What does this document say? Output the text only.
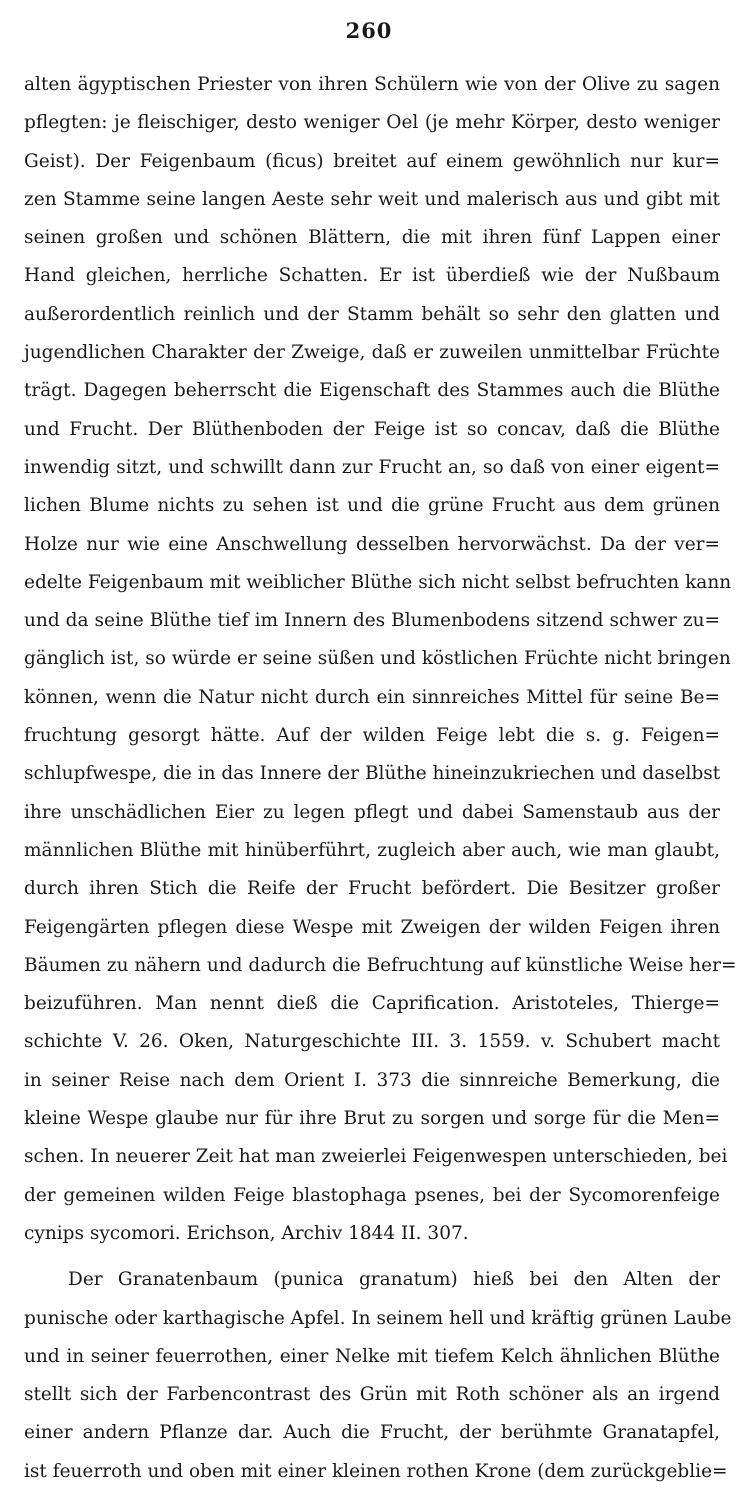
260
alten ägyptischen Priester von ihren Schülern wie von der Olive zu sagen
pflegten: je fleischiger, desto weniger Oel (je mehr Körper, desto weniger
Geist). Der Feigenbaum (ficus) breitet auf einem gewöhnlich nur kur=
zen Stamme seine langen Aeste sehr weit und malerisch aus und gibt mit
seinen großen und schönen Blättern, die mit ihren fünf Lappen einer
Hand gleichen, herrliche Schatten. Er ist überdieß wie der Nußbaum
außerordentlich reinlich und der Stamm behält so sehr den glatten und
jugendlichen Charakter der Zweige, daß er zuweilen unmittelbar Früchte
trägt. Dagegen beherrscht die Eigenschaft des Stammes auch die Blüthe
und Frucht. Der Blüthenboden der Feige ist so concav, daß die Blüthe
inwendig sitzt, und schwillt dann zur Frucht an, so daß von einer eigent=
lichen Blume nichts zu sehen ist und die grüne Frucht aus dem grünen
Holze nur wie eine Anschwellung desselben hervorwächst. Da der ver=
edelte Feigenbaum mit weiblicher Blüthe sich nicht selbst befruchten kann
und da seine Blüthe tief im Innern des Blumenbodens sitzend schwer zu=
gänglich ist, so würde er seine süßen und köstlichen Früchte nicht bringen
können, wenn die Natur nicht durch ein sinnreiches Mittel für seine Be=
fruchtung gesorgt hätte. Auf der wilden Feige lebt die s. g. Feigen=
schlupfwespe, die in das Innere der Blüthe hineinzukriechen und daselbst
ihre unschädlichen Eier zu legen pflegt und dabei Samenstaub aus der
männlichen Blüthe mit hinüberführt, zugleich aber auch, wie man glaubt,
durch ihren Stich die Reife der Frucht befördert. Die Besitzer großer
Feigengärten pflegen diese Wespe mit Zweigen der wilden Feigen ihren
Bäumen zu nähern und dadurch die Befruchtung auf künstliche Weise her=
beizuführen. Man nennt dieß die Caprification. Aristoteles, Thierge=
schichte V. 26. Oken, Naturgeschichte III. 3. 1559. v. Schubert macht
in seiner Reise nach dem Orient I. 373 die sinnreiche Bemerkung, die
kleine Wespe glaube nur für ihre Brut zu sorgen und sorge für die Men=
schen. In neuerer Zeit hat man zweierlei Feigenwespen unterschieden, bei
der gemeinen wilden Feige blastophaga psenes, bei der Sycomorenfeige
cynips sycomori. Erichson, Archiv 1844 II. 307.
Der Granatenbaum (punica granatum) hieß bei den Alten der
punische oder karthagische Apfel. In seinem hell und kräftig grünen Laube
und in seiner feuerrothen, einer Nelke mit tiefem Kelch ähnlichen Blüthe
stellt sich der Farbencontrast des Grün mit Roth schöner als an irgend
einer andern Pflanze dar. Auch die Frucht, der berühmte Granatapfel,
ist feuerroth und oben mit einer kleinen rothen Krone (dem zurückgeblie=
